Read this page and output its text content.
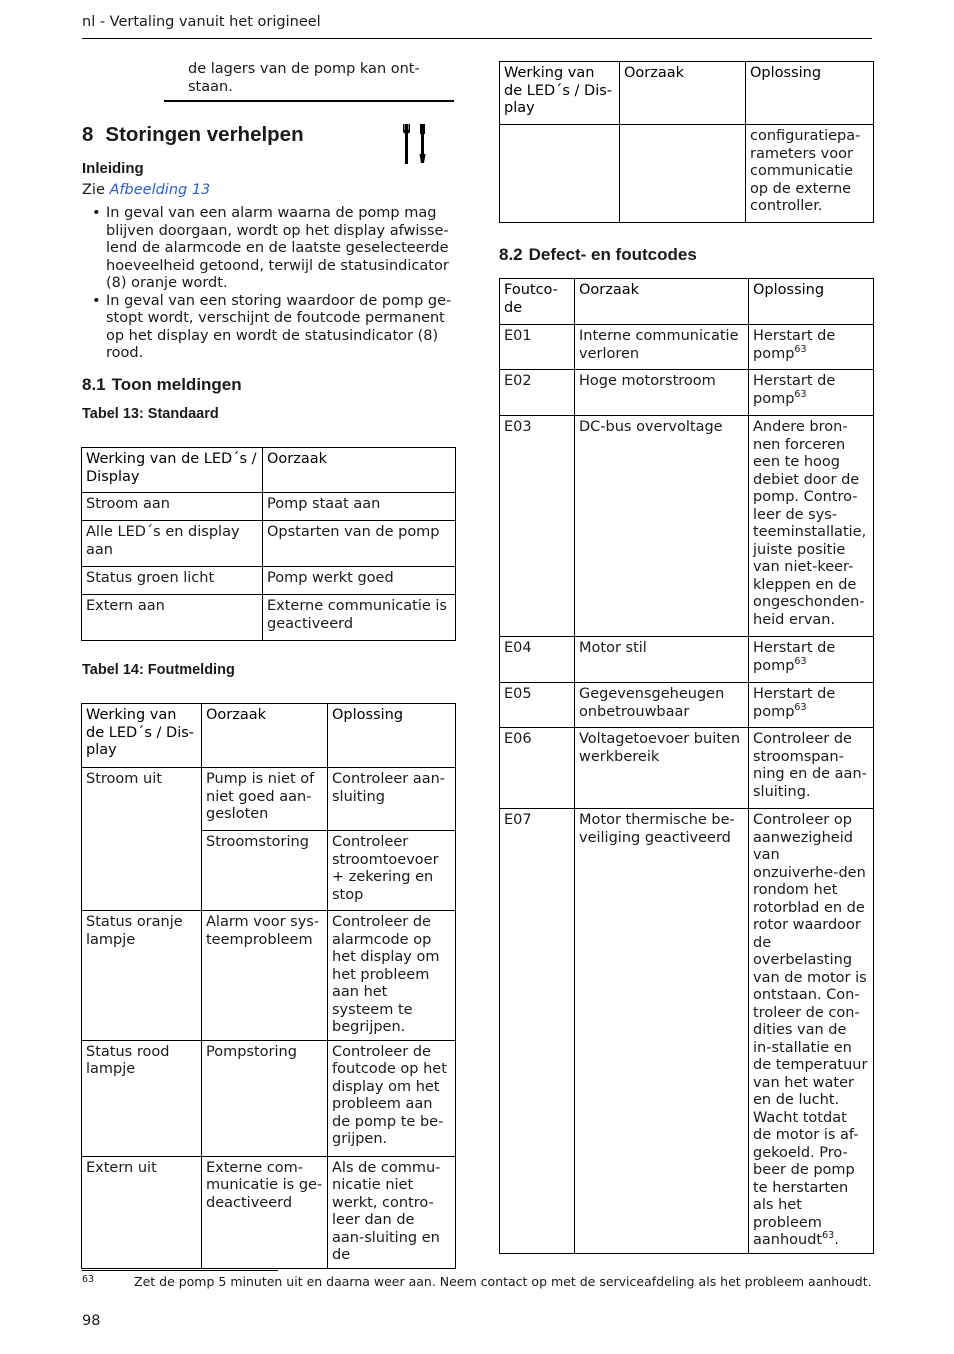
nl - Vertaling vanuit het origineel
de lagers van de pomp kan ont-staan.
8 Storingen verhelpen
Inleiding
Zie Afbeelding 13
• In geval van een alarm waarna de pomp mag blijven doorgaan, wordt op het display afwisse-lend de alarmcode en de laatste geselecteerde hoeveelheid getoond, terwijl de statusindicator (8) oranje wordt.
• In geval van een storing waardoor de pomp ge-stopt wordt, verschijnt de foutcode permanent op het display en wordt de statusindicator (8) rood.
8.1 Toon meldingen
Tabel 13: Standaard
Werking van de LED´s / Display	Oorzaak
Stroom aan	Pomp staat aan
Alle LED´s en display aan	Opstarten van de pomp
Status groen licht	Pomp werkt goed
Extern aan	Externe communicatie is geactiveerd
Tabel 14: Foutmelding
Werking van de LED´s / Dis-play	Oorzaak	Oplossing
Stroom uit	Pump is niet of niet goed aan-gesloten	Controleer aan-sluiting
	Stroomstoring	Controleer stroomtoevoer + zekering en stop
Status oranje lampje	Alarm voor sys-teemprobleem	Controleer de alarmcode op het display om het probleem aan het systeem te begrijpen.
Status rood lampje	Pompstoring	Controleer de foutcode op het display om het probleem aan de pomp te be-grijpen.
Extern uit	Externe com-municatie is ge-deactiveerd	Als de commu-nicatie niet werkt, contro-leer dan de aan-sluiting en de
Werking van de LED´s / Dis-play	Oorzaak	Oplossing
		configuratiepa-rameters voor communicatie op de externe controller.
8.2 Defect- en foutcodes
Foutco-de	Oorzaak	Oplossing
E01	Interne communicatie verloren	Herstart de pomp$^{63}$
E02	Hoge motorstroom	Herstart de pomp$^{63}$
E03	DC-bus overvoltage	Andere bron-nen forceren een te hoog debiet door de pomp. Contro-leer de sys-teeminstallatie, juiste positie van niet-keer-kleppen en de ongeschonden-heid ervan.
E04	Motor stil	Herstart de pomp$^{63}$
E05	Gegevensgeheugen onbetrouwbaar	Herstart de pomp$^{63}$
E06	Voltagetoevoer buiten werkbereik	Controleer de stroomspan-ning en de aan-sluiting.
E07	Motor thermische be-veiliging geactiveerd	Controleer op aanwezigheid van onzuiverhe-den rondom het rotorblad en de rotor waardoor de overbelasting van de motor is ontstaan. Con-troleer de con-dities van de in-stallatie en de temperatuur van het water en de lucht. Wacht totdat de motor is af-gekoeld. Pro-beer de pomp te herstarten als het probleem aanhoudt$^{63}$.
63	Zet de pomp 5 minuten uit en daarna weer aan. Neem contact op met de serviceafdeling als het probleem aanhoudt.
98
